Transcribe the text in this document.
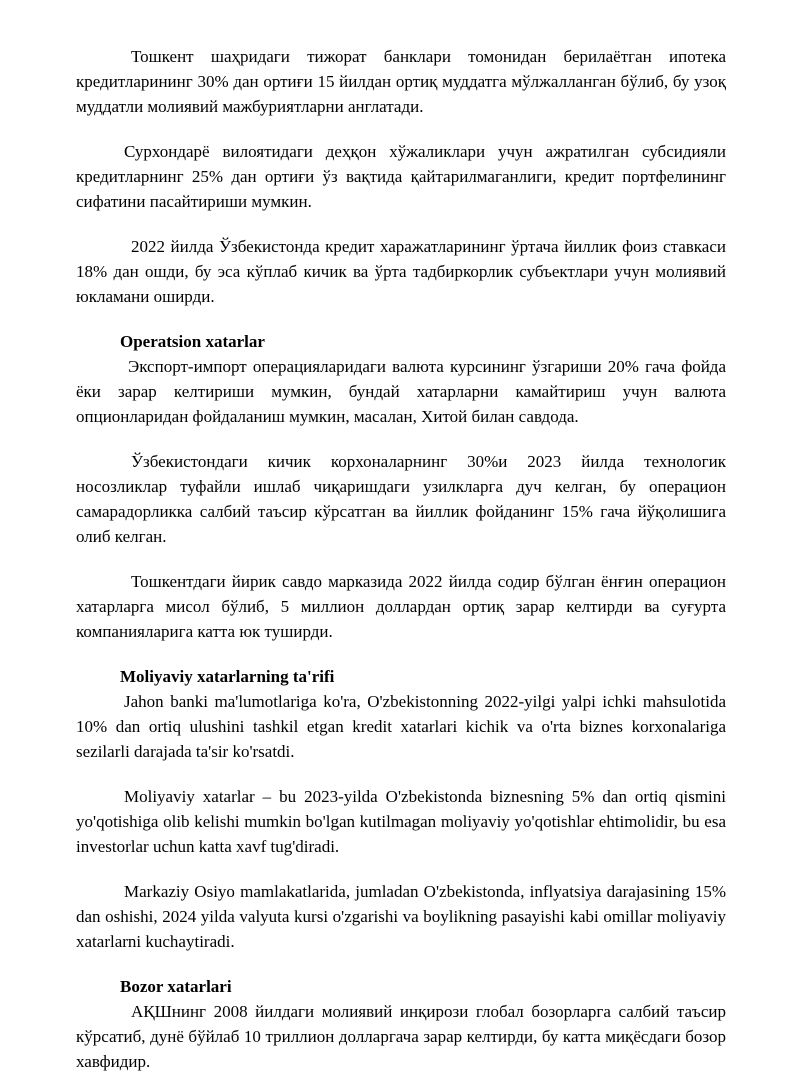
Тошкент шаҳридаги тижорат банклари томонидан берилаётган ипотека кредитларининг 30% дан ортиғи 15 йилдан ортиқ муддатга мўлжалланган бўлиб, бу узоқ муддатли молиявий мажбуриятларни англатади.

Сурхондарё вилоятидаги деҳқон хўжаликлари учун ажратилган субсидияли кредитларнинг 25% дан ортиғи ўз вақтида қайтарилмаганлиги, кредит портфелининг сифатини пасайтириши мумкин.

2022 йилда Ўзбекистонда кредит харажатларининг ўртача йиллик фоиз ставкаси 18% дан ошди, бу эса кўплаб кичик ва ўрта тадбиркорлик субъектлари учун молиявий юкламани оширди.

Operatsion xatarlar

Экспорт-импорт операцияларидаги валюта курсининг ўзгариши 20% гача фойда ёки зарар келтириши мумкин, бундай хатарларни камайтириш учун валюта опционларидан фойдаланиш мумкин, масалан, Хитой билан савдода.

Ўзбекистондаги кичик корхоналарнинг 30%и 2023 йилда технологик носозликлар туфайли ишлаб чиқаришдаги узилкларга дуч келган, бу операцион самарадорликка салбий таъсир кўрсатган ва йиллик фойданинг 15% гача йўқолишига олиб келган.

Тошкентдаги йирик савдо марказида 2022 йилда содир бўлган ёнғин операцион хатарларга мисол бўлиб, 5 миллион доллардан ортиқ зарар келтирди ва суғурта компанияларига катта юк туширди.

Moliyaviy xatarlarning ta'rifi

Jahon banki ma'lumotlariga ko'ra, O'zbekistonning 2022-yilgi yalpi ichki mahsulotida 10% dan ortiq ulushini tashkil etgan kredit xatarlari kichik va o'rta biznes korxonalariga sezilarli darajada ta'sir ko'rsatdi.

Moliyaviy xatarlar – bu 2023-yilda O'zbekistonda biznesning 5% dan ortiq qismini yo'qotishiga olib kelishi mumkin bo'lgan kutilmagan moliyaviy yo'qotishlar ehtimolidir, bu esa investorlar uchun katta xavf tug'diradi.

Markaziy Osiyo mamlakatlarida, jumladan O'zbekistonda, inflyatsiya darajasining 15% dan oshishi, 2024 yilda valyuta kursi o'zgarishi va boylikning pasayishi kabi omillar moliyaviy xatarlarni kuchaytiradi.

Bozor xatarlari

АҚШнинг 2008 йилдаги молиявий инқирози глобал бозорларга салбий таъсир кўрсатиб, дунё бўйлаб 10 триллион долларгача зарар келтирди, бу катта миқёсдаги бозор хавфидир.
